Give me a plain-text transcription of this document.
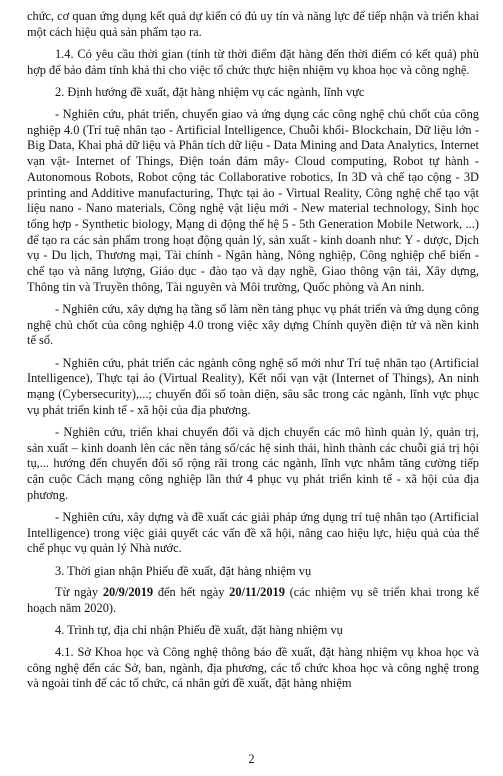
chức, cơ quan ứng dụng kết quả dự kiến có đủ uy tín và năng lực để tiếp nhận và triển khai một cách hiệu quả sản phẩm tạo ra.

1.4. Có yêu cầu thời gian (tính từ thời điểm đặt hàng đến thời điểm có kết quả) phù hợp để bảo đảm tính khả thi cho việc tổ chức thực hiện nhiệm vụ khoa học và công nghệ.

2. Định hướng đề xuất, đặt hàng nhiệm vụ các ngành, lĩnh vực

- Nghiên cứu, phát triển, chuyển giao và ứng dụng các công nghệ chủ chốt của công nghiệp 4.0 (Trí tuệ nhân tạo - Artificial Intelligence, Chuỗi khối- Blockchain, Dữ liệu lớn - Big Data, Khai phá dữ liệu và Phân tích dữ liệu - Data Mining and Data Analytics, Internet vạn vật- Internet of Things, Điện toán đám mây- Cloud computing, Robot tự hành - Autonomous Robots, Robot cộng tác Collaborative robotics, In 3D và chế tạo cộng - 3D printing and Additive manufacturing, Thực tại ảo - Virtual Reality, Công nghệ chế tạo vật liệu nano - Nano materials, Công nghệ vật liệu mới - New material technology, Sinh học tổng hợp - Synthetic biology, Mạng di động thế hệ 5 - 5th Generation Mobile Network, ...) để tạo ra các sản phẩm trong hoạt động quản lý, sản xuất - kinh doanh như: Y - dược, Dịch vụ - Du lịch, Thương mại, Tài chính - Ngân hàng, Nông nghiệp, Công nghiệp chế biến - chế tạo và năng lượng, Giáo dục - đào tạo và dạy nghề, Giao thông vận tải, Xây dựng, Thông tin và Truyền thông, Tài nguyên và Môi trường, Quốc phòng và An ninh.

- Nghiên cứu, xây dựng hạ tầng số làm nền tảng phục vụ phát triển và ứng dụng công nghệ chủ chốt của công nghiệp 4.0 trong việc xây dựng Chính quyền điện tử và nền kinh tế số.

- Nghiên cứu, phát triển các ngành công nghệ số mới như Trí tuệ nhân tạo (Artificial Intelligence), Thực tại ảo (Virtual Reality), Kết nối vạn vật (Internet of Things), An ninh mạng (Cybersecurity),...; chuyển đổi số toàn diện, sâu sắc trong các ngành, lĩnh vực phục vụ phát triển kinh tế - xã hội của địa phương.

- Nghiên cứu, triển khai chuyển đổi và dịch chuyển các mô hình quản lý, quản trị, sản xuất – kinh doanh lên các nền tảng số/các hệ sinh thái, hình thành các chuỗi giá trị hội tụ,... hướng đến chuyển đổi số rộng rãi trong các ngành, lĩnh vực nhằm tăng cường tiếp cận cuộc Cách mạng công nghiệp lần thứ 4 phục vụ phát triển kinh tế - xã hội của địa phương.

- Nghiên cứu, xây dựng và đề xuất các giải pháp ứng dụng trí tuệ nhân tạo (Artificial Intelligence) trong việc giải quyết các vấn đề xã hội, nâng cao hiệu lực, hiệu quả của thể chế phục vụ quản lý Nhà nước.

3. Thời gian nhận Phiếu đề xuất, đặt hàng nhiệm vụ

Từ ngày 20/9/2019 đến hết ngày 20/11/2019 (các nhiệm vụ sẽ triển khai trong kế hoạch năm 2020).

4. Trình tự, địa chỉ nhận Phiếu đề xuất, đặt hàng nhiệm vụ

4.1. Sở Khoa học và Công nghệ thông báo đề xuất, đặt hàng nhiệm vụ khoa học và công nghệ đến các Sở, ban, ngành, địa phương, các tổ chức khoa học và công nghệ trong và ngoài tỉnh để các tổ chức, cá nhân gửi đề xuất, đặt hàng nhiệm

2
